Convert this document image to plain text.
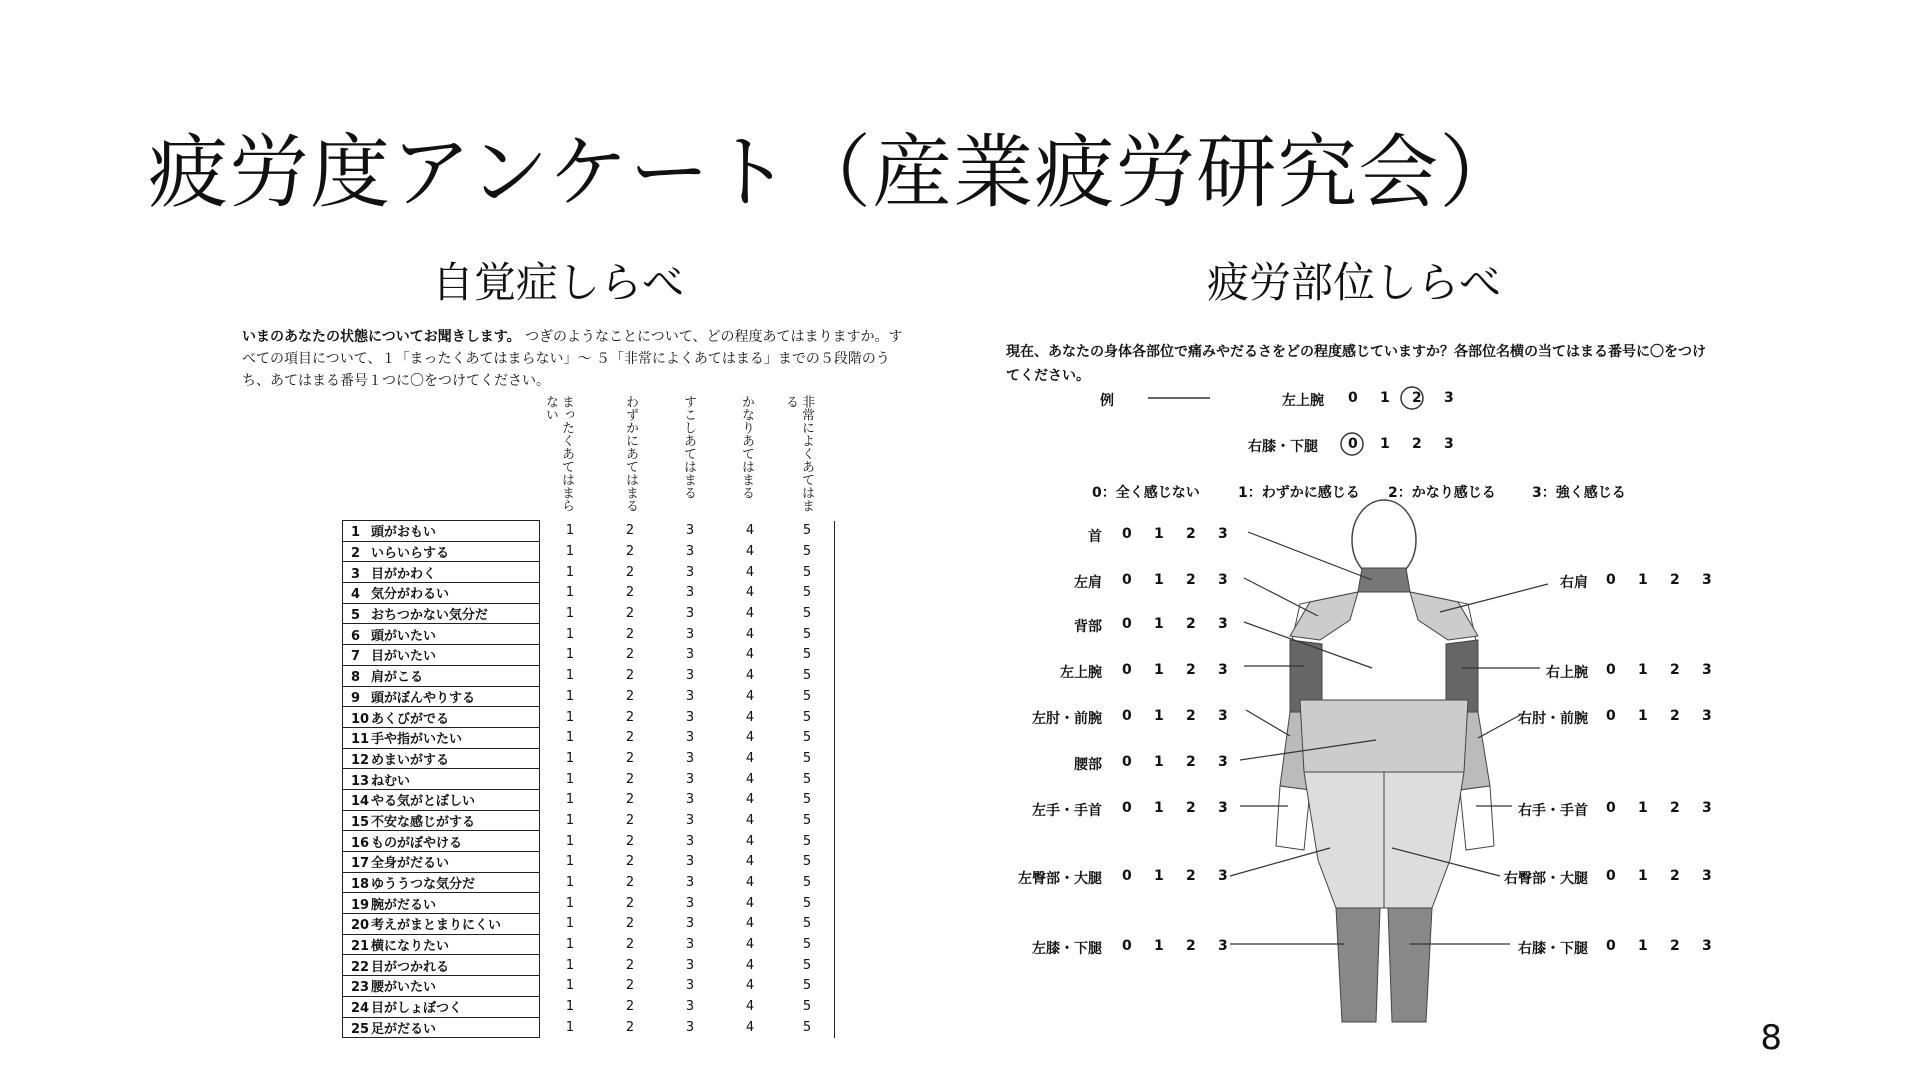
疲労度アンケート（産業疲労研究会）
自覚症しらべ	疲労部位しらべ
いまのあなたの状態についてお聞きします。 つぎのようなことについて、どの程度あてはまりますか。すべての項目について、１「まったくあてはまらない」〜 ５「非常によくあてはまる」までの５段階のうち、あてはまる番号１つに〇をつけてください。
まったくあてはまらない	わずかにあてはまる	すこしあてはまる	かなりあてはまる	非常によくあてはまる
1 頭がおもい	1	2	3	4	5
2 いらいらする	1	2	3	4	5
3 目がかわく	1	2	3	4	5
4 気分がわるい	1	2	3	4	5
5 おちつかない気分だ	1	2	3	4	5
6 頭がいたい	1	2	3	4	5
7 目がいたい	1	2	3	4	5
8 肩がこる	1	2	3	4	5
9 頭がぼんやりする	1	2	3	4	5
10 あくびがでる	1	2	3	4	5
11 手や指がいたい	1	2	3	4	5
12 めまいがする	1	2	3	4	5
13 ねむい	1	2	3	4	5
14 やる気がとぼしい	1	2	3	4	5
15 不安な感じがする	1	2	3	4	5
16 ものがぼやける	1	2	3	4	5
17 全身がだるい	1	2	3	4	5
18 ゆううつな気分だ	1	2	3	4	5
19 腕がだるい	1	2	3	4	5
20 考えがまとまりにくい	1	2	3	4	5
21 横になりたい	1	2	3	4	5
22 目がつかれる	1	2	3	4	5
23 腰がいたい	1	2	3	4	5
24 目がしょぼつく	1	2	3	4	5
25 足がだるい	1	2	3	4	5
現在、あなたの身体各部位で痛みやだるさをどの程度感じていますか？各部位名横の当てはまる番号に〇をつけてください。
例	左上腕 0 1 2 3
右膝・下腿 0 1 2 3
0：全く感じない	1：わずかに感じる 2：かなり感じる	3：強く感じる
首 0 1 2 3
左肩 0 1 2 3
背部 0 1 2 3
左上腕 0 1 2 3
左肘・前腕 0 1 2 3
腰部 0 1 2 3
左手・手首 0 1 2 3
左臀部・大腿 0 1 2 3
左膝・下腿 0 1 2 3
右肩 0 1 2 3
右上腕 0 1 2 3
右肘・前腕 0 1 2 3
右手・手首 0 1 2 3
右臀部・大腿 0 1 2 3
右膝・下腿 0 1 2 3
8
